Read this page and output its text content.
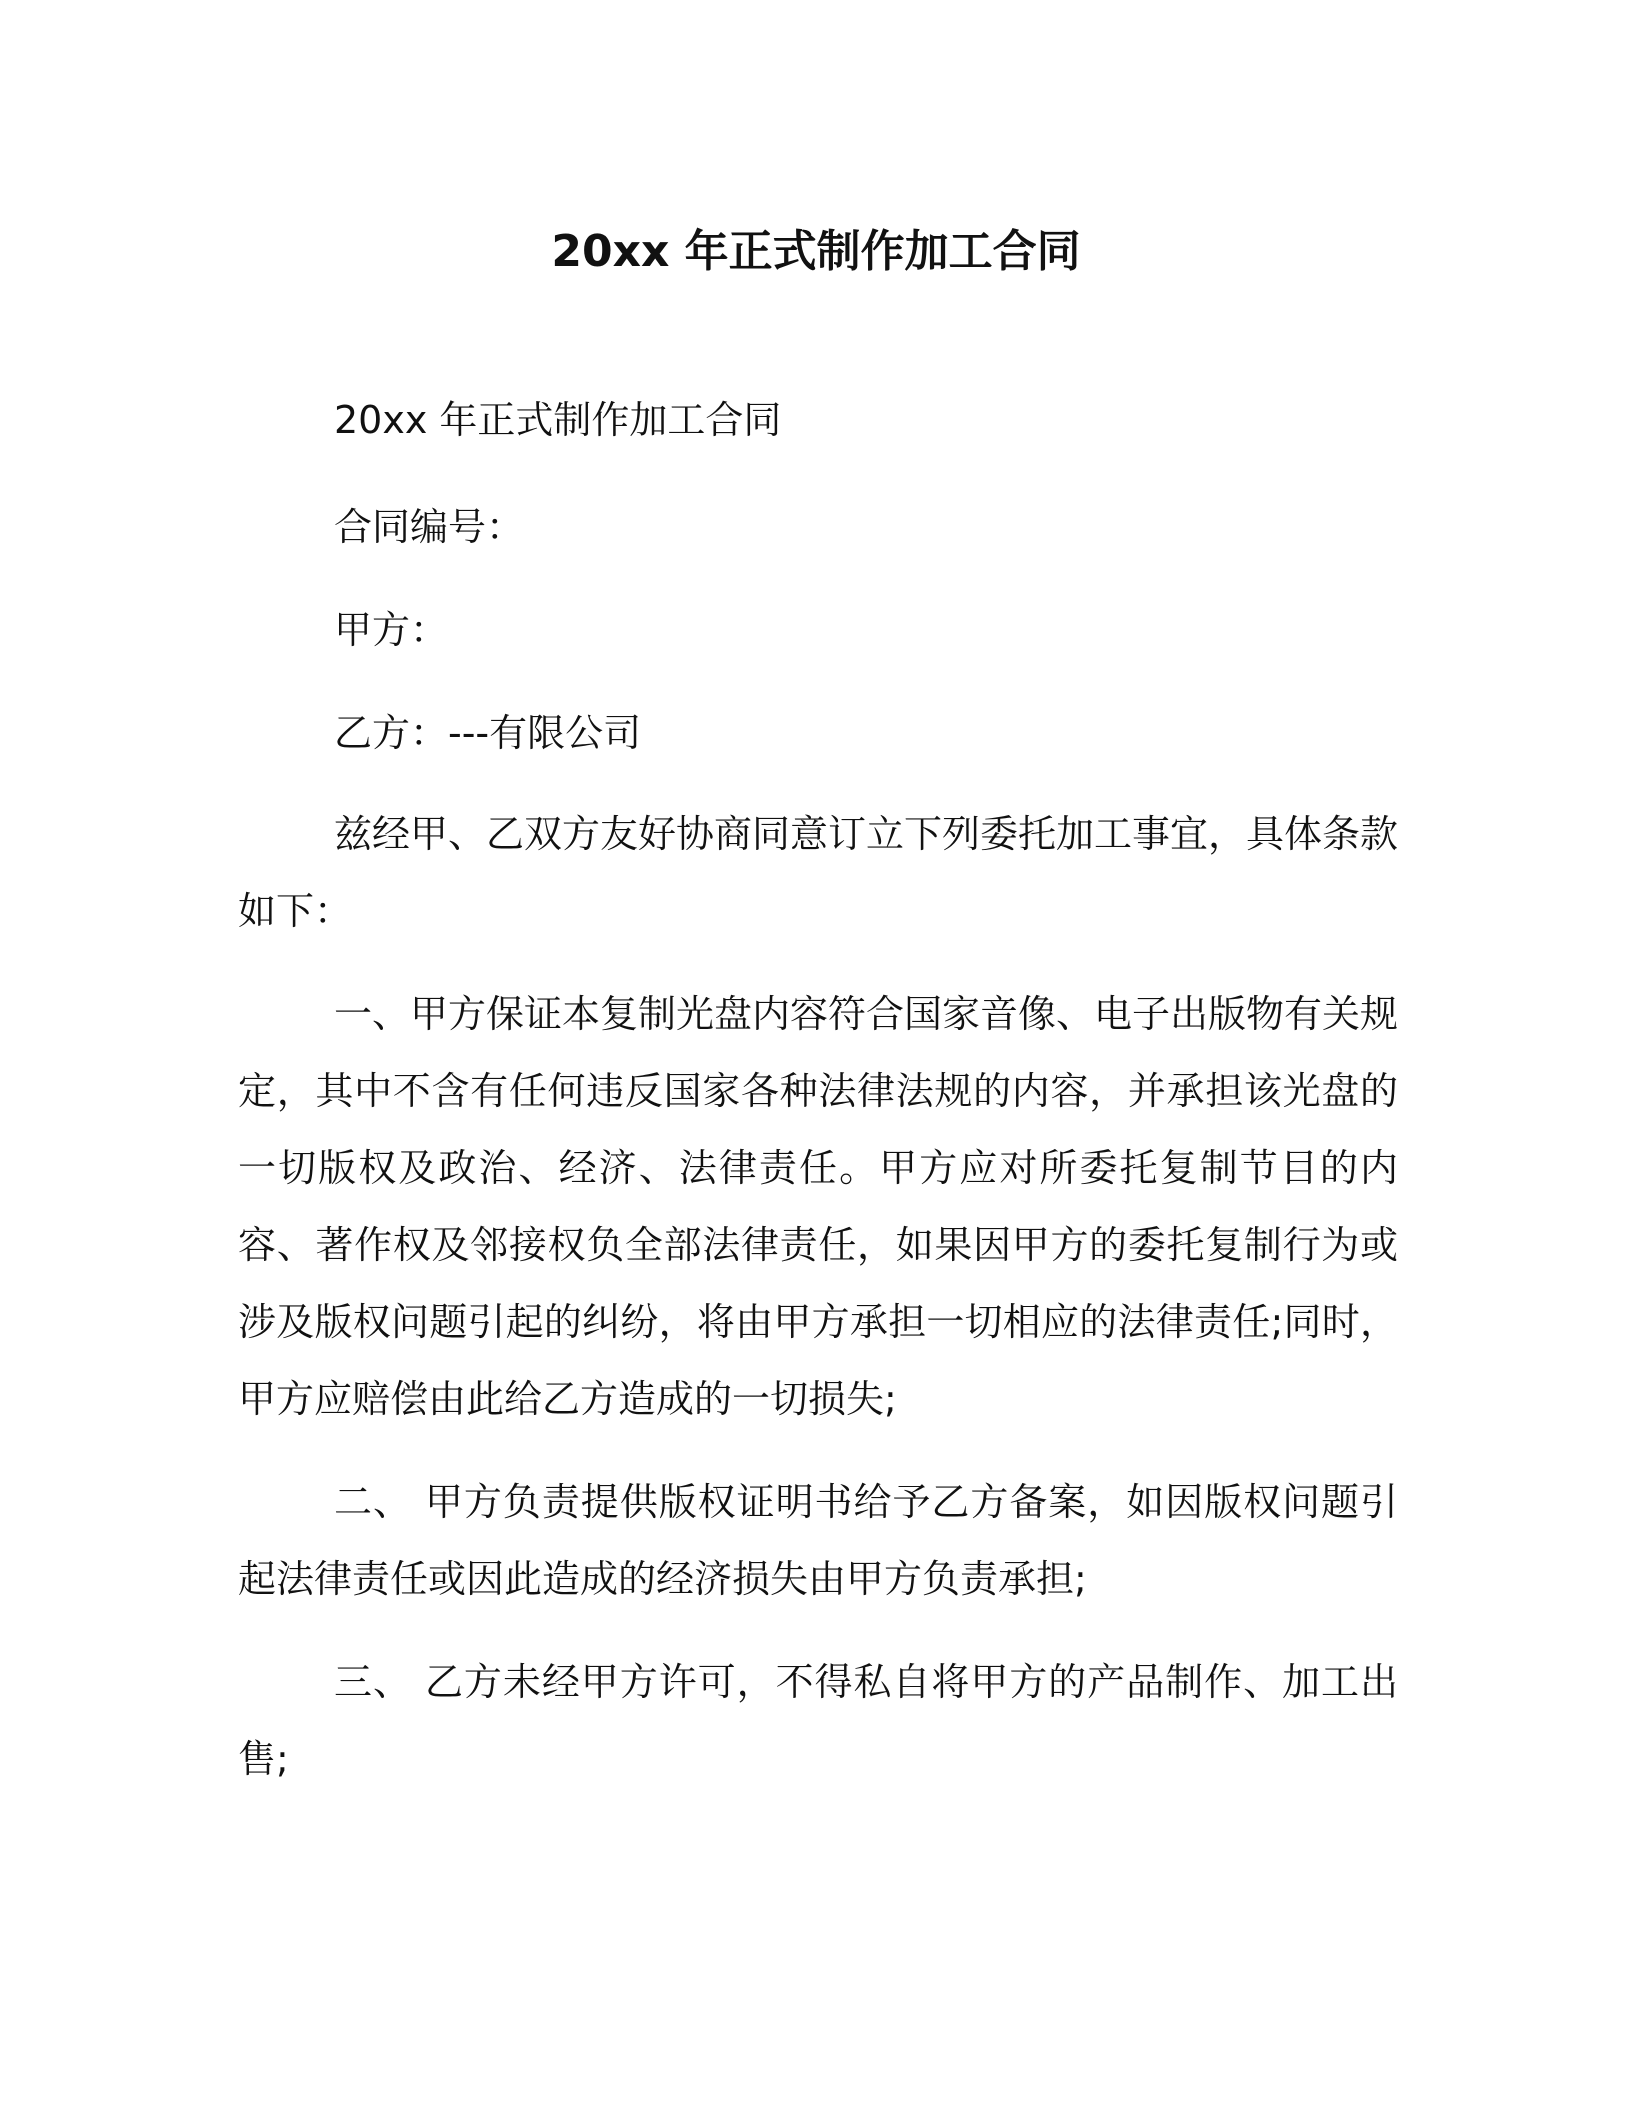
20xx 年正式制作加工合同
20xx 年正式制作加工合同
合同编号：
甲方：
乙方：---有限公司

兹经甲、乙双方友好协商同意订立下列委托加工事宜，具体条款如下：

一、甲方保证本复制光盘内容符合国家音像、电子出版物有关规定，其中不含有任何违反国家各种法律法规的内容，并承担该光盘的一切版权及政治、经济、法律责任。甲方应对所委托复制节目的内容、著作权及邻接权负全部法律责任，如果因甲方的委托复制行为或涉及版权问题引起的纠纷，将由甲方承担一切相应的法律责任;同时，甲方应赔偿由此给乙方造成的一切损失;

二、 甲方负责提供版权证明书给予乙方备案，如因版权问题引起法律责任或因此造成的经济损失由甲方负责承担;

三、 乙方未经甲方许可，不得私自将甲方的产品制作、加工出售;
